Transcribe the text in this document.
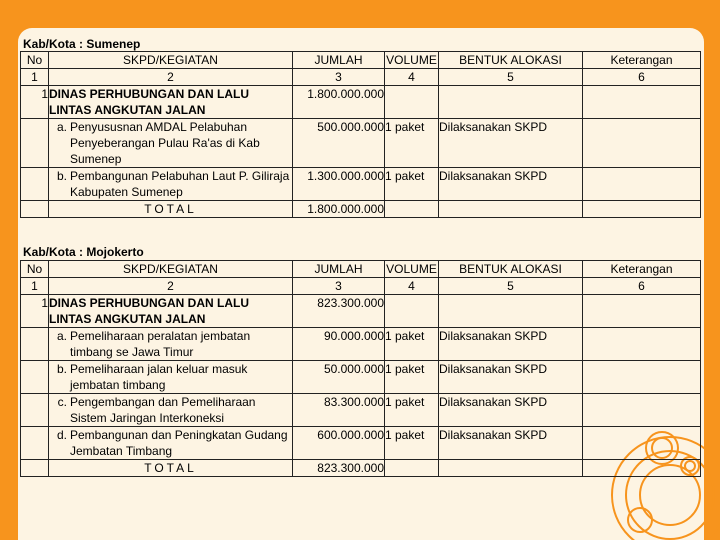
Kab/Kota : Sumenep
No	SKPD/KEGIATAN	JUMLAH	VOLUME	BENTUK ALOKASI	Keterangan
1	2	3	4	5	6
1	DINAS PERHUBUNGAN DAN LALU
LINTAS ANGKUTAN JALAN	1.800.000.000			

	a. Penyususnan AMDAL Pelabuhan Penyeberangan Pulau Ra'as di Kab Sumenep	500.000.000	1 paket	Dilaksanakan SKPD	

	b. Pembangunan Pelabuhan Laut P. Giliraja Kabupaten Sumenep	1.300.000.000	1 paket	Dilaksanakan SKPD	
	TOTAL	1.800.000.000			
Kab/Kota : Mojokerto
No	SKPD/KEGIATAN	JUMLAH	VOLUME	BENTUK ALOKASI	Keterangan
1	2	3	4	5	6
1	DINAS PERHUBUNGAN DAN LALU
LINTAS ANGKUTAN JALAN	823.300.000			

	a. Pemeliharaan peralatan jembatan timbang se Jawa Timur	90.000.000	1 paket	Dilaksanakan SKPD	

	b. Pemeliharaan jalan keluar masuk jembatan timbang	50.000.000	1 paket	Dilaksanakan SKPD	

	c. Pengembangan dan Pemeliharaan Sistem Jaringan Interkoneksi	83.300.000	1 paket	Dilaksanakan SKPD	

	d. Pembangunan dan Peningkatan Gudang Jembatan Timbang	600.000.000	1 paket	Dilaksanakan SKPD	
	TOTAL	823.300.000			
